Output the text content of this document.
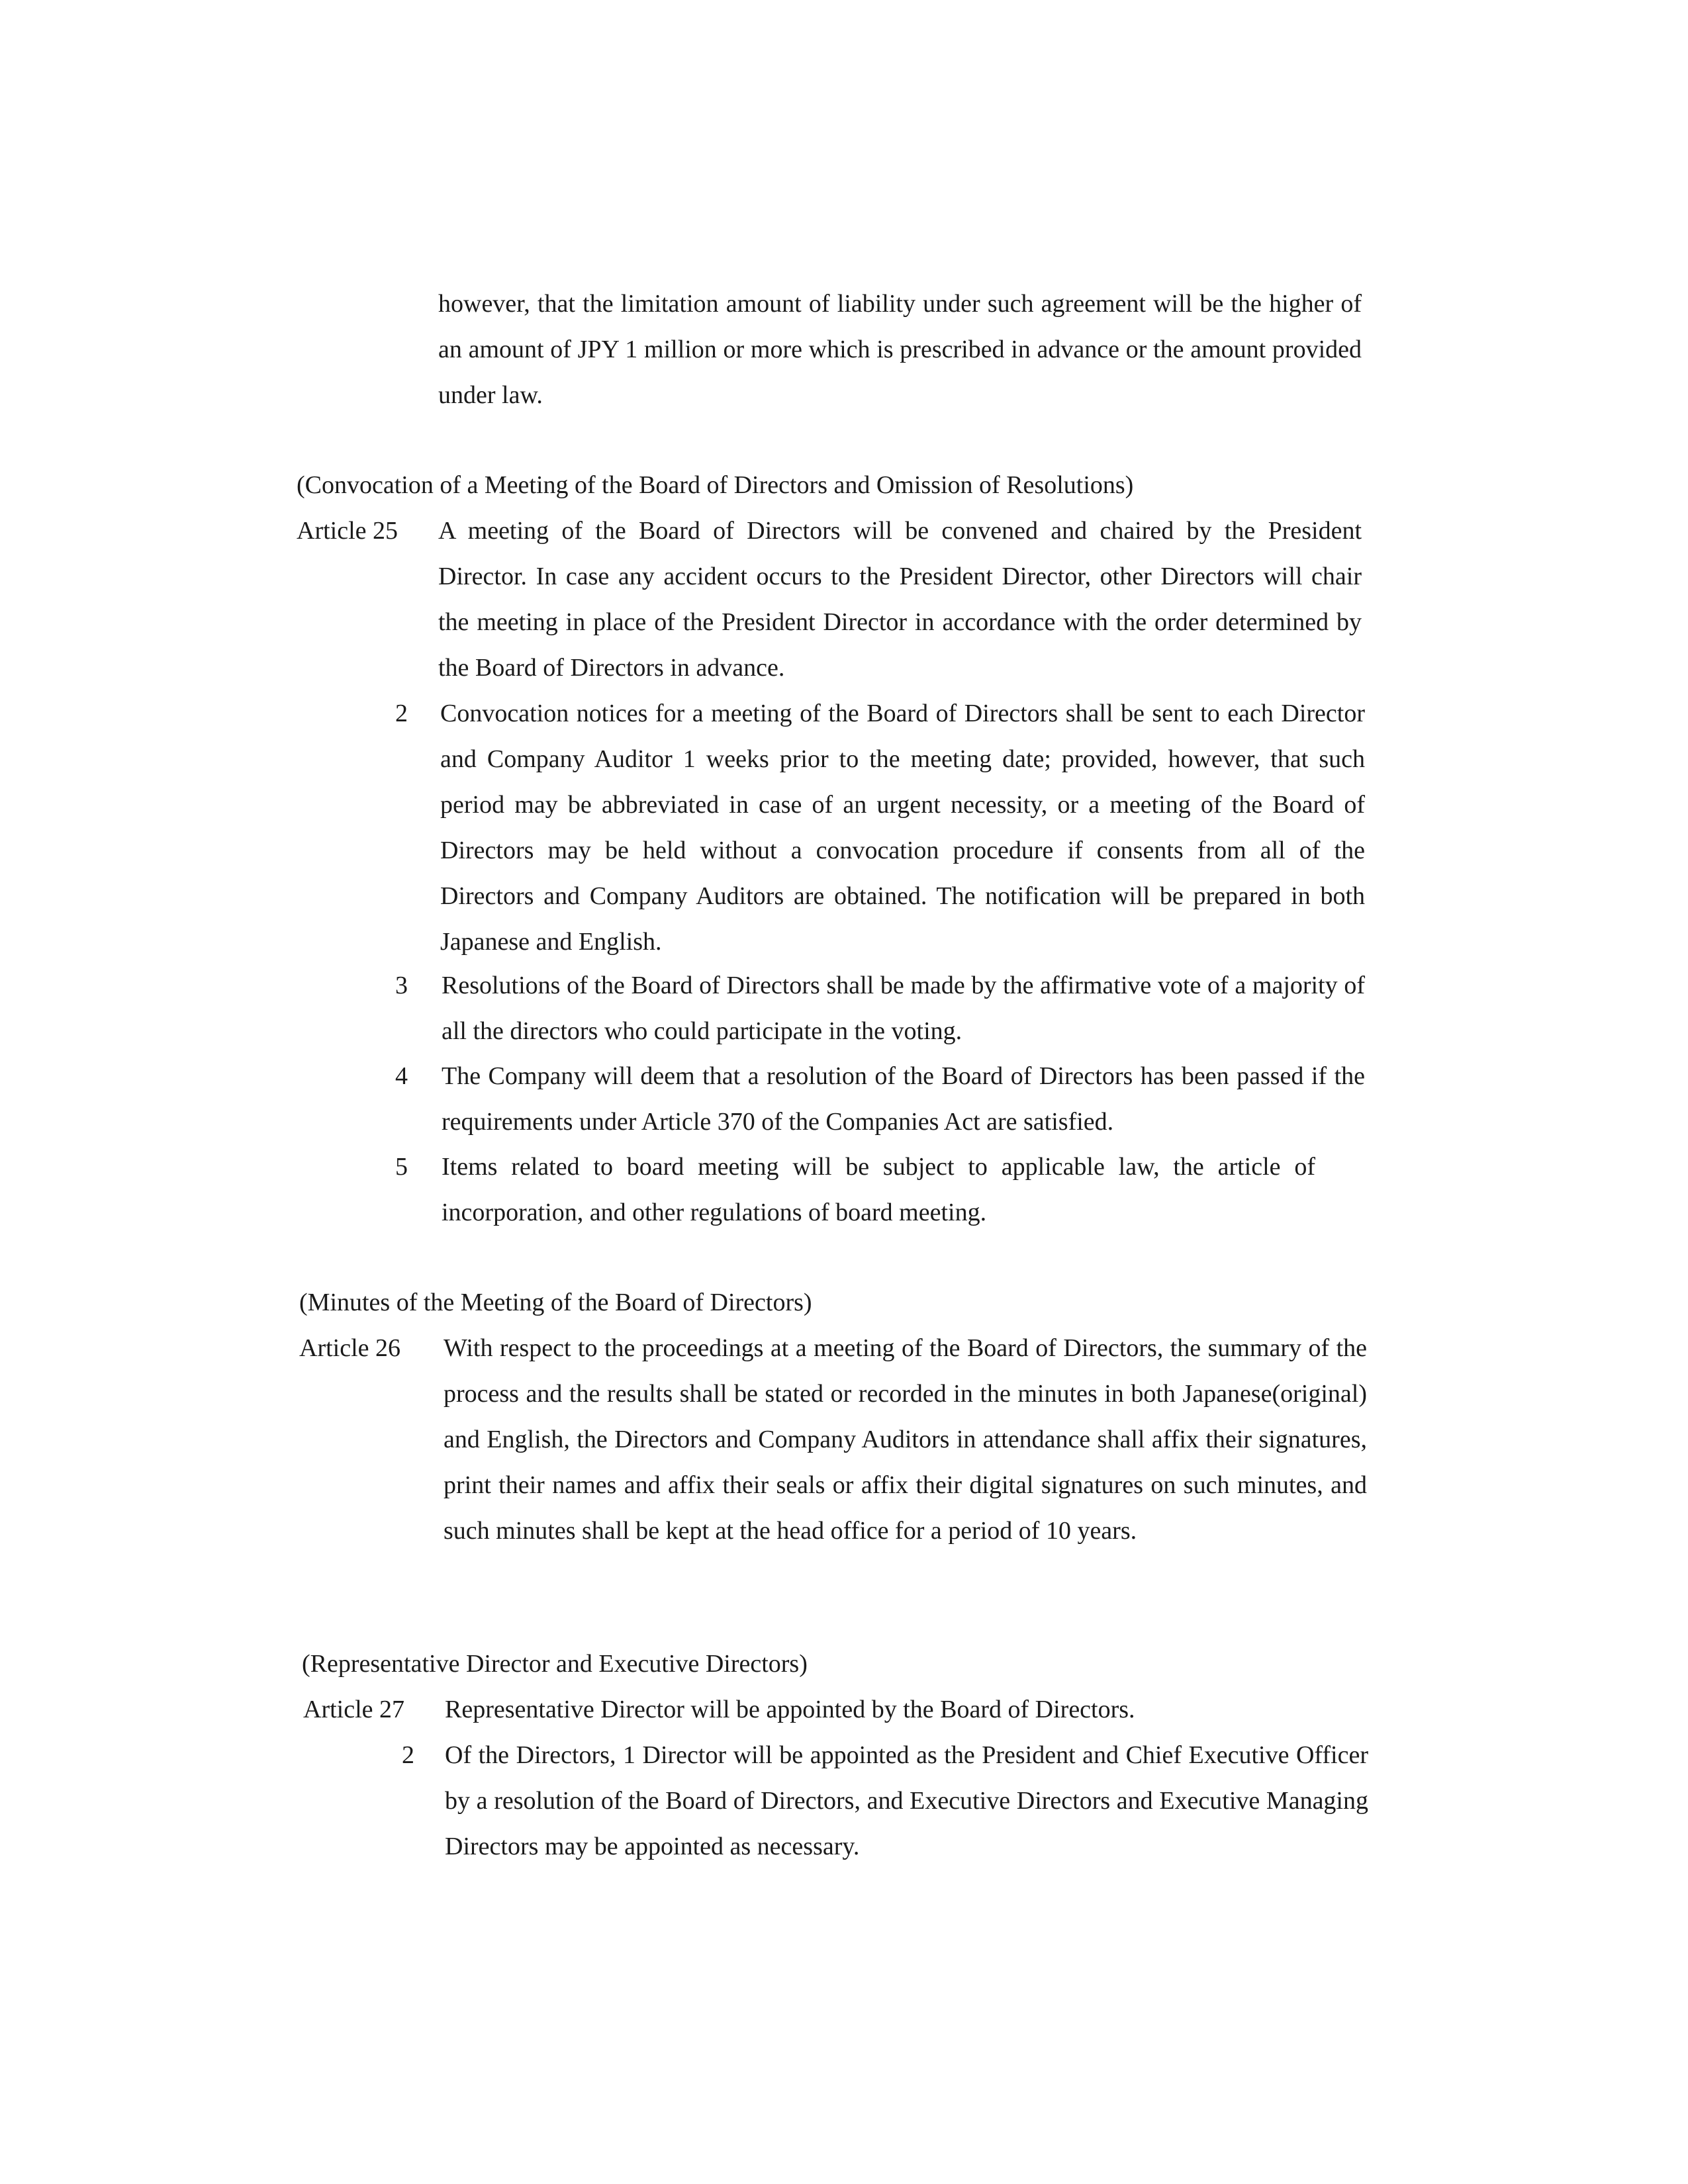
however, that the limitation amount of liability under such agreement will be the higher of an amount of JPY 1 million or more which is prescribed in advance or the amount provided under law.
(Convocation of a Meeting of the Board of Directors and Omission of Resolutions)
Article 25 A meeting of the Board of Directors will be convened and chaired by the President Director. In case any accident occurs to the President Director, other Directors will chair the meeting in place of the President Director in accordance with the order determined by the Board of Directors in advance.
2 Convocation notices for a meeting of the Board of Directors shall be sent to each Director and Company Auditor 1 weeks prior to the meeting date; provided, however, that such period may be abbreviated in case of an urgent necessity, or a meeting of the Board of Directors may be held without a convocation procedure if consents from all of the Directors and Company Auditors are obtained. The notification will be prepared in both Japanese and English.
3 Resolutions of the Board of Directors shall be made by the affirmative vote of a majority of all the directors who could participate in the voting.
4 The Company will deem that a resolution of the Board of Directors has been passed if the requirements under Article 370 of the Companies Act are satisfied.
5 Items related to board meeting will be subject to applicable law, the article of incorporation, and other regulations of board meeting.
(Minutes of the Meeting of the Board of Directors)
Article 26 With respect to the proceedings at a meeting of the Board of Directors, the summary of the process and the results shall be stated or recorded in the minutes in both Japanese(original) and English, the Directors and Company Auditors in attendance shall affix their signatures, print their names and affix their seals or affix their digital signatures on such minutes, and such minutes shall be kept at the head office for a period of 10 years.
(Representative Director and Executive Directors)
Article 27 Representative Director will be appointed by the Board of Directors.
2 Of the Directors, 1 Director will be appointed as the President and Chief Executive Officer by a resolution of the Board of Directors, and Executive Directors and Executive Managing Directors may be appointed as necessary.
